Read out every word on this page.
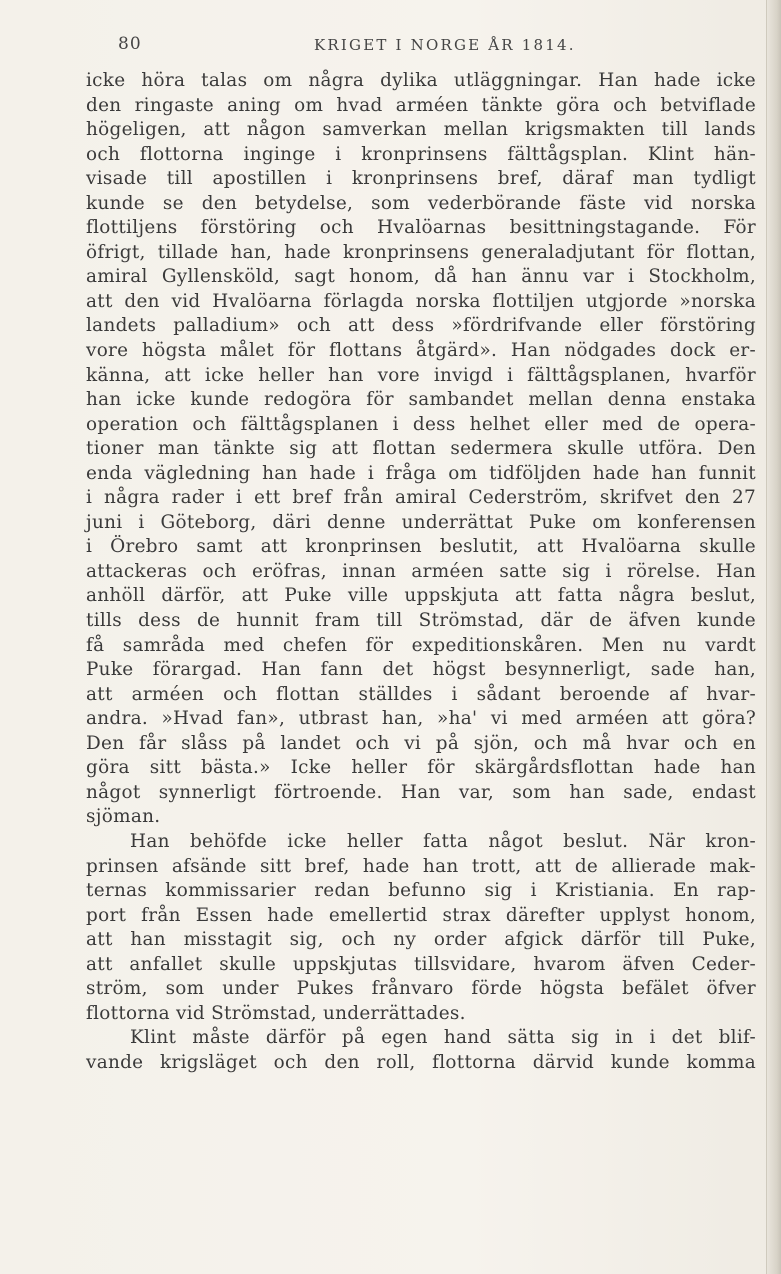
80	KRIGET I NORGE ÅR 1814.
icke höra talas om några dylika utläggningar. Han hade icke
den ringaste aning om hvad arméen tänkte göra och betviflade
högeligen, att någon samverkan mellan krigsmakten till lands
och flottorna inginge i kronprinsens fälttågsplan. Klint hän-
visade till apostillen i kronprinsens bref, däraf man tydligt
kunde se den betydelse, som vederbörande fäste vid norska
flottiljens förstöring och Hvalöarnas besittningstagande. För
öfrigt, tillade han, hade kronprinsens generaladjutant för flottan,
amiral Gyllensköld, sagt honom, då han ännu var i Stockholm,
att den vid Hvalöarna förlagda norska flottiljen utgjorde »norska
landets palladium» och att dess »fördrifvande eller förstöring
vore högsta målet för flottans åtgärd». Han nödgades dock er-
känna, att icke heller han vore invigd i fälttågsplanen, hvarför
han icke kunde redogöra för sambandet mellan denna enstaka
operation och fälttågsplanen i dess helhet eller med de opera-
tioner man tänkte sig att flottan sedermera skulle utföra. Den
enda vägledning han hade i fråga om tidföljden hade han funnit
i några rader i ett bref från amiral Cederström, skrifvet den 27
juni i Göteborg, däri denne underrättat Puke om konferensen
i Örebro samt att kronprinsen beslutit, att Hvalöarna skulle
attackeras och eröfras, innan arméen satte sig i rörelse. Han
anhöll därför, att Puke ville uppskjuta att fatta några beslut,
tills dess de hunnit fram till Strömstad, där de äfven kunde
få samråda med chefen för expeditionskåren. Men nu vardt
Puke förargad. Han fann det högst besynnerligt, sade han,
att arméen och flottan ställdes i sådant beroende af hvar-
andra. »Hvad fan», utbrast han, »ha' vi med arméen att göra?
Den får slåss på landet och vi på sjön, och må hvar och en
göra sitt bästa.» Icke heller för skärgårdsflottan hade han
något synnerligt förtroende. Han var, som han sade, endast
sjöman.
Han behöfde icke heller fatta något beslut. När kron-
prinsen afsände sitt bref, hade han trott, att de allierade mak-
ternas kommissarier redan befunno sig i Kristiania. En rap-
port från Essen hade emellertid strax därefter upplyst honom,
att han misstagit sig, och ny order afgick därför till Puke,
att anfallet skulle uppskjutas tillsvidare, hvarom äfven Ceder-
ström, som under Pukes frånvaro förde högsta befälet öfver
flottorna vid Strömstad, underrättades.
Klint måste därför på egen hand sätta sig in i det blif-
vande krigsläget och den roll, flottorna därvid kunde komma
